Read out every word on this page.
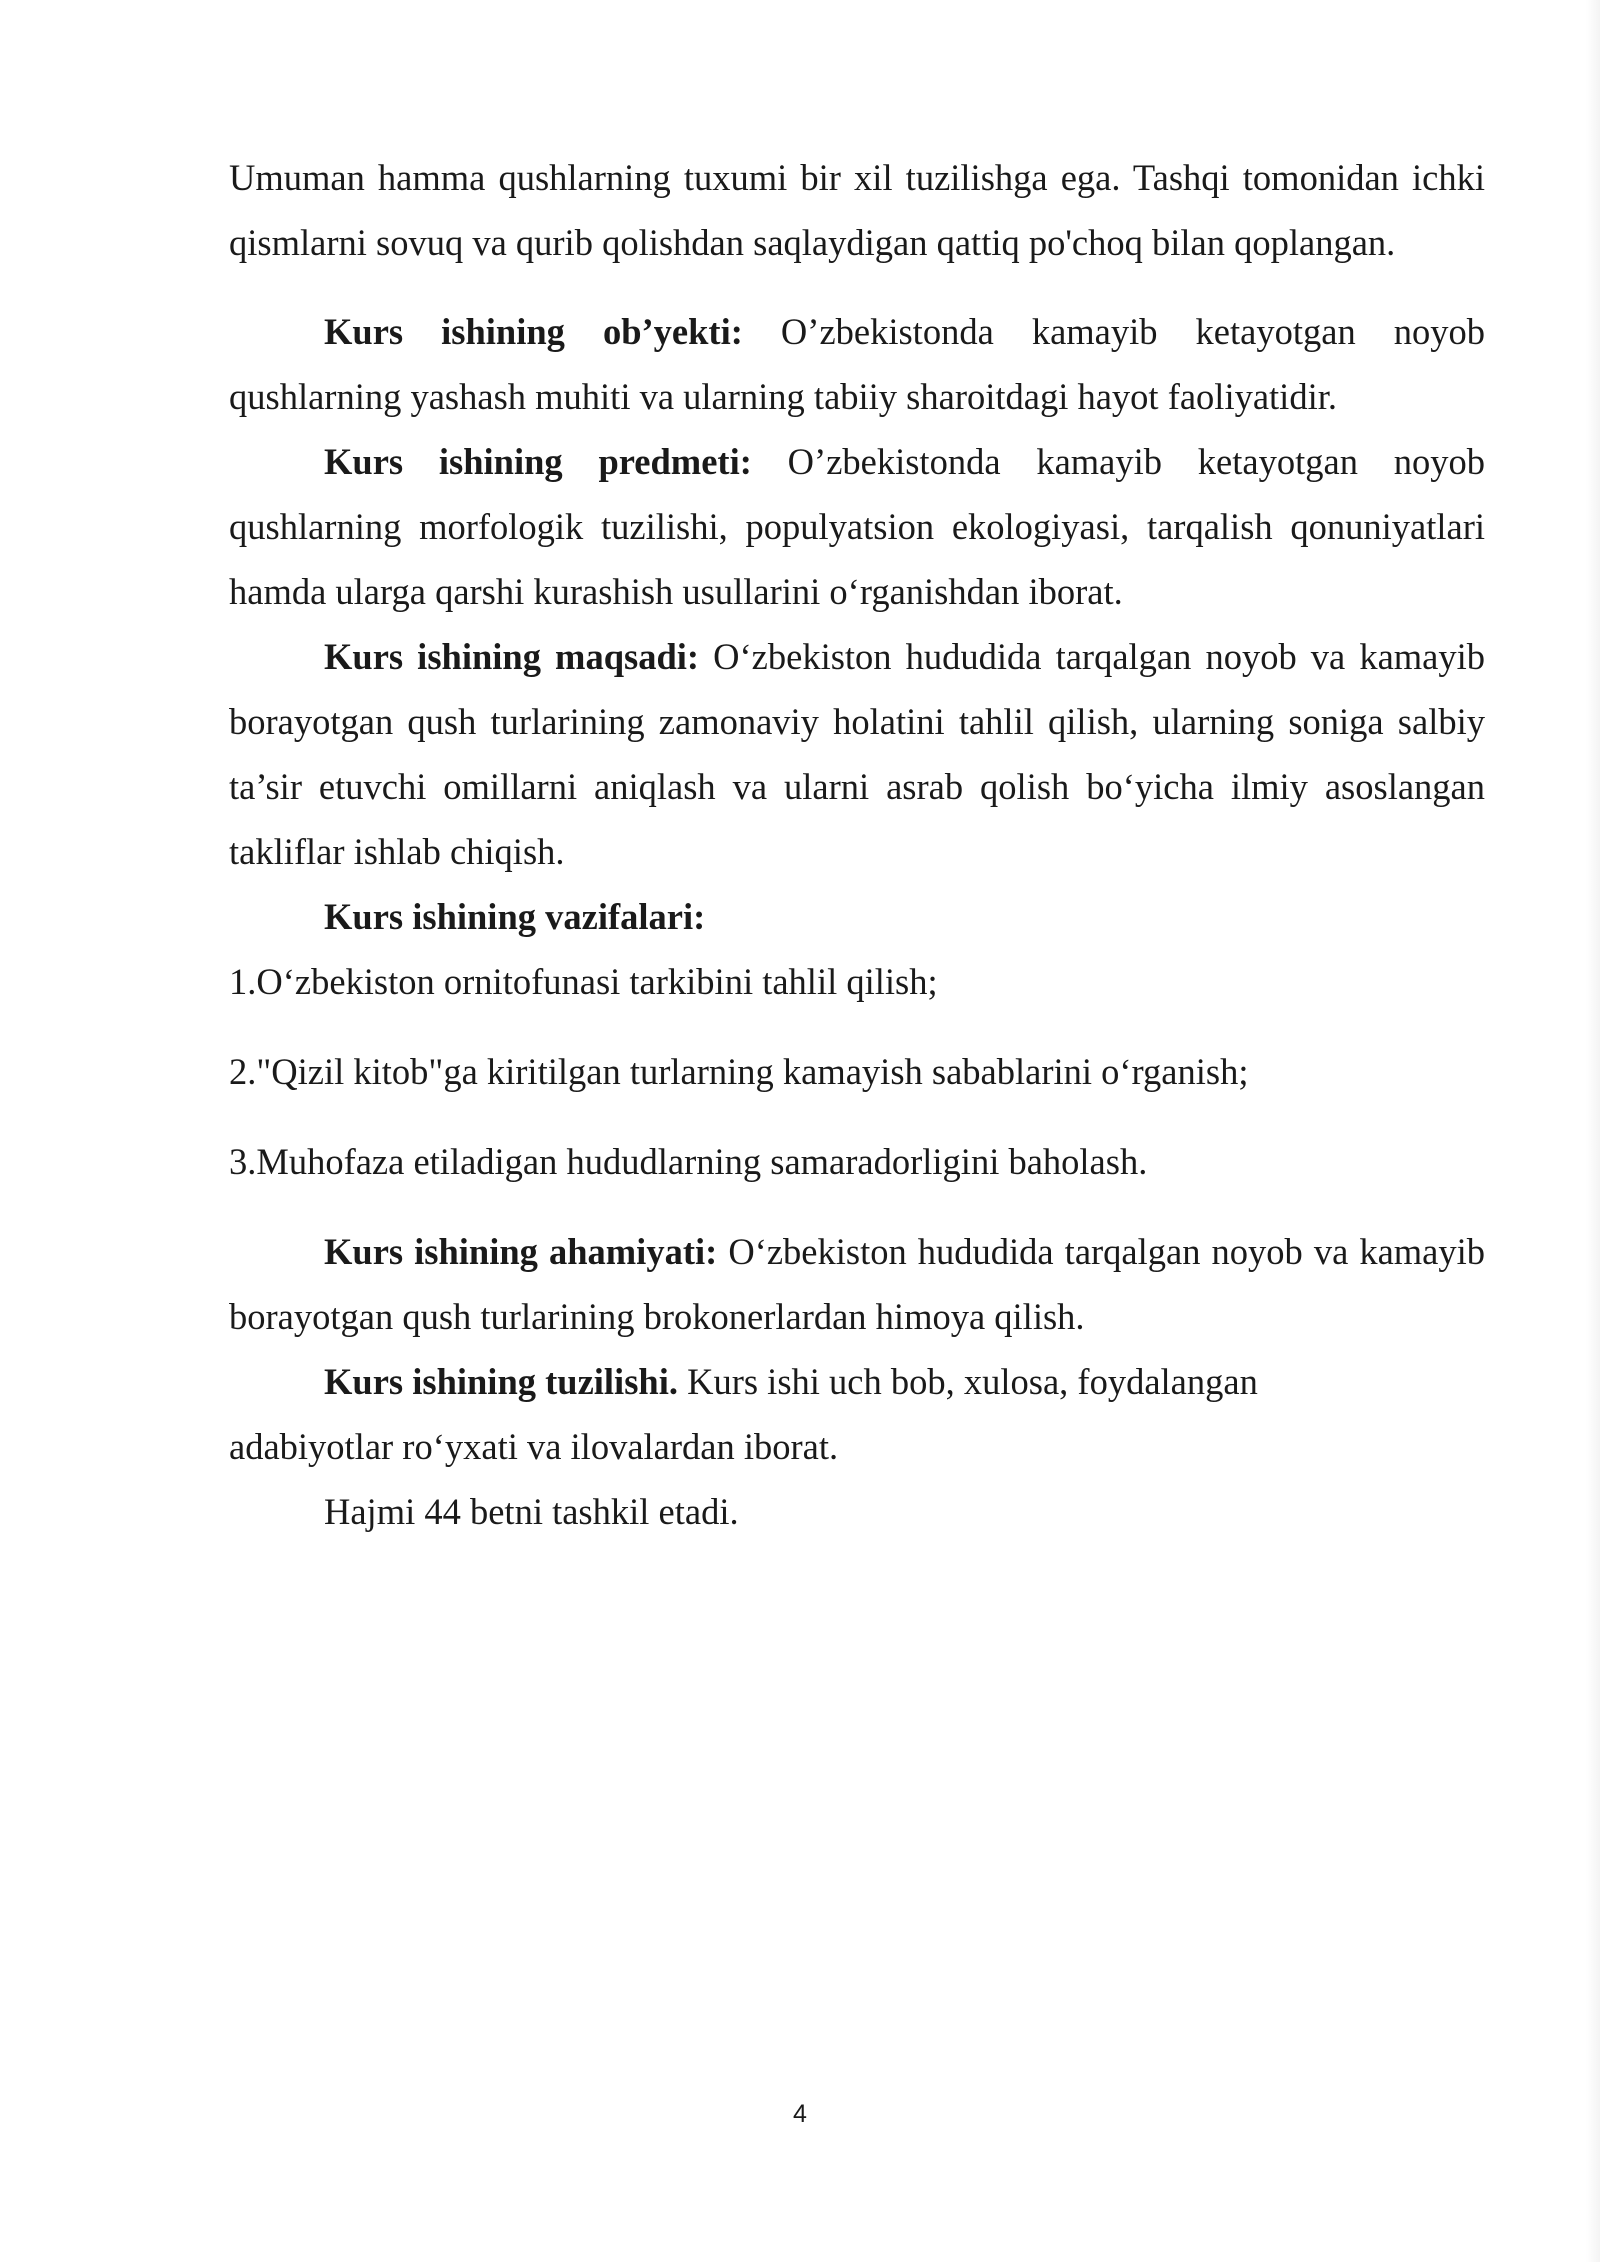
Umuman hamma qushlarning tuxumi bir xil tuzilishga ega. Tashqi tomonidan ichki qismlarni sovuq va qurib qolishdan saqlaydigan qattiq po'choq bilan qoplangan.

Kurs ishining ob’yekti: O’zbekistonda kamayib ketayotgan noyob qushlarning yashash muhiti va ularning tabiiy sharoitdagi hayot faoliyatidir.

Kurs ishining predmeti: O’zbekistonda kamayib ketayotgan noyob qushlarning morfologik tuzilishi, populyatsion ekologiyasi, tarqalish qonuniyatlari hamda ularga qarshi kurashish usullarini o‘rganishdan iborat.

Kurs ishining maqsadi: O‘zbekiston hududida tarqalgan noyob va kamayib borayotgan qush turlarining zamonaviy holatini tahlil qilish, ularning soniga salbiy ta’sir etuvchi omillarni aniqlash va ularni asrab qolish bo‘yicha ilmiy asoslangan takliflar ishlab chiqish.

Kurs ishining vazifalari:

1.O‘zbekiston ornitofunasi tarkibini tahlil qilish;

2."Qizil kitob"ga kiritilgan turlarning kamayish sabablarini o‘rganish;

3.Muhofaza etiladigan hududlarning samaradorligini baholash.

Kurs ishining ahamiyati: O‘zbekiston hududida tarqalgan noyob va kamayib borayotgan qush turlarining brokonerlardan himoya qilish.

Kurs ishining tuzilishi. Kurs ishi uch bob, xulosa, foydalangan

adabiyotlar ro‘yxati va ilovalardan iborat.

Hajmi 44 betni tashkil etadi.

4
